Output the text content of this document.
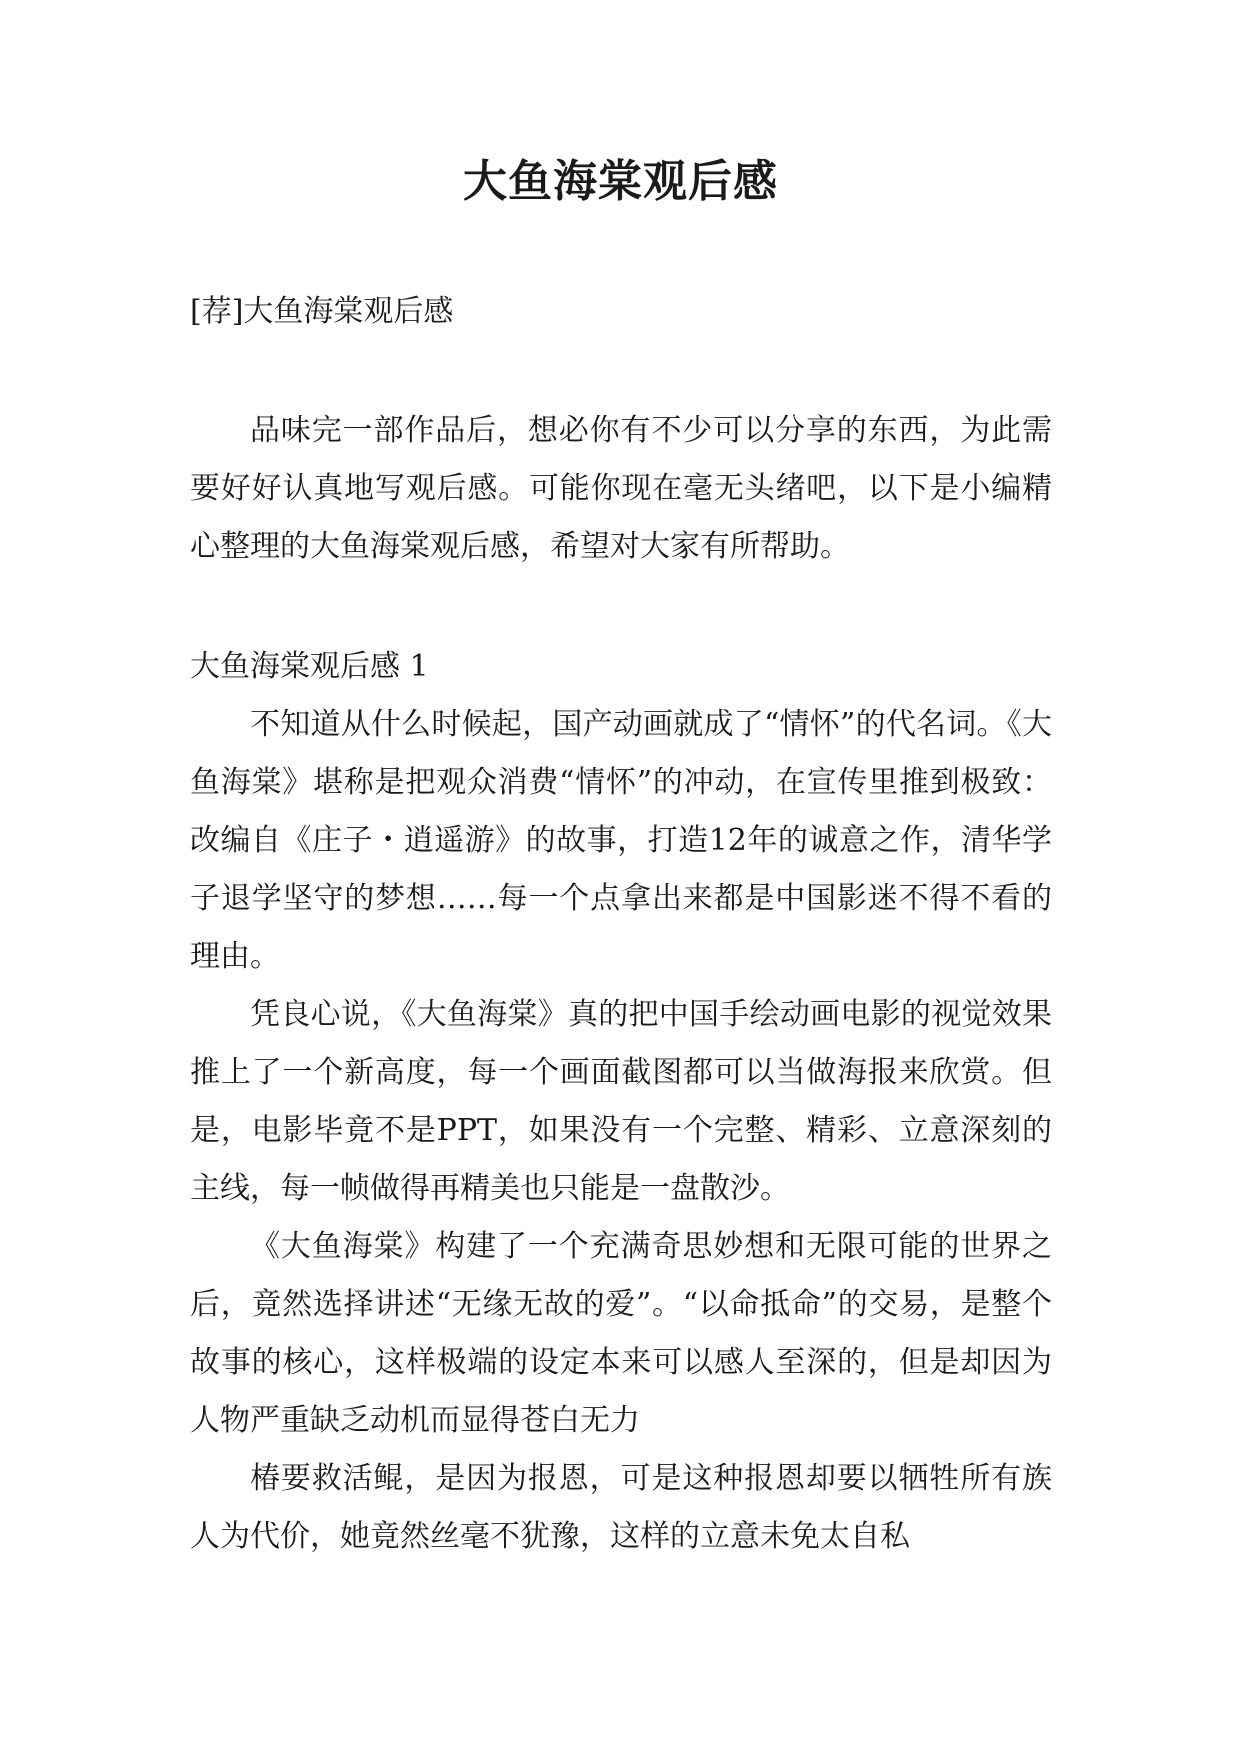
大鱼海棠观后感

[荐]大鱼海棠观后感

品味完一部作品后，想必你有不少可以分享的东西，为此需要好好认真地写观后感。可能你现在毫无头绪吧，以下是小编精心整理的大鱼海棠观后感，希望对大家有所帮助。

大鱼海棠观后感 1

不知道从什么时候起，国产动画就成了“情怀”的代名词。《大鱼海棠》堪称是把观众消费“情怀”的冲动，在宣传里推到极致：改编自《庄子・逍遥游》的故事，打造12年的诚意之作，清华学子退学坚守的梦想……每一个点拿出来都是中国影迷不得不看的理由。

凭良心说，《大鱼海棠》真的把中国手绘动画电影的视觉效果推上了一个新高度，每一个画面截图都可以当做海报来欣赏。但是，电影毕竟不是PPT，如果没有一个完整、精彩、立意深刻的主线，每一帧做得再精美也只能是一盘散沙。

《大鱼海棠》构建了一个充满奇思妙想和无限可能的世界之后，竟然选择讲述“无缘无故的爱”。“以命抵命”的交易，是整个故事的核心，这样极端的设定本来可以感人至深的，但是却因为人物严重缺乏动机而显得苍白无力

椿要救活鲲，是因为报恩，可是这种报恩却要以牺牲所有族人为代价，她竟然丝毫不犹豫，这样的立意未免太自私
